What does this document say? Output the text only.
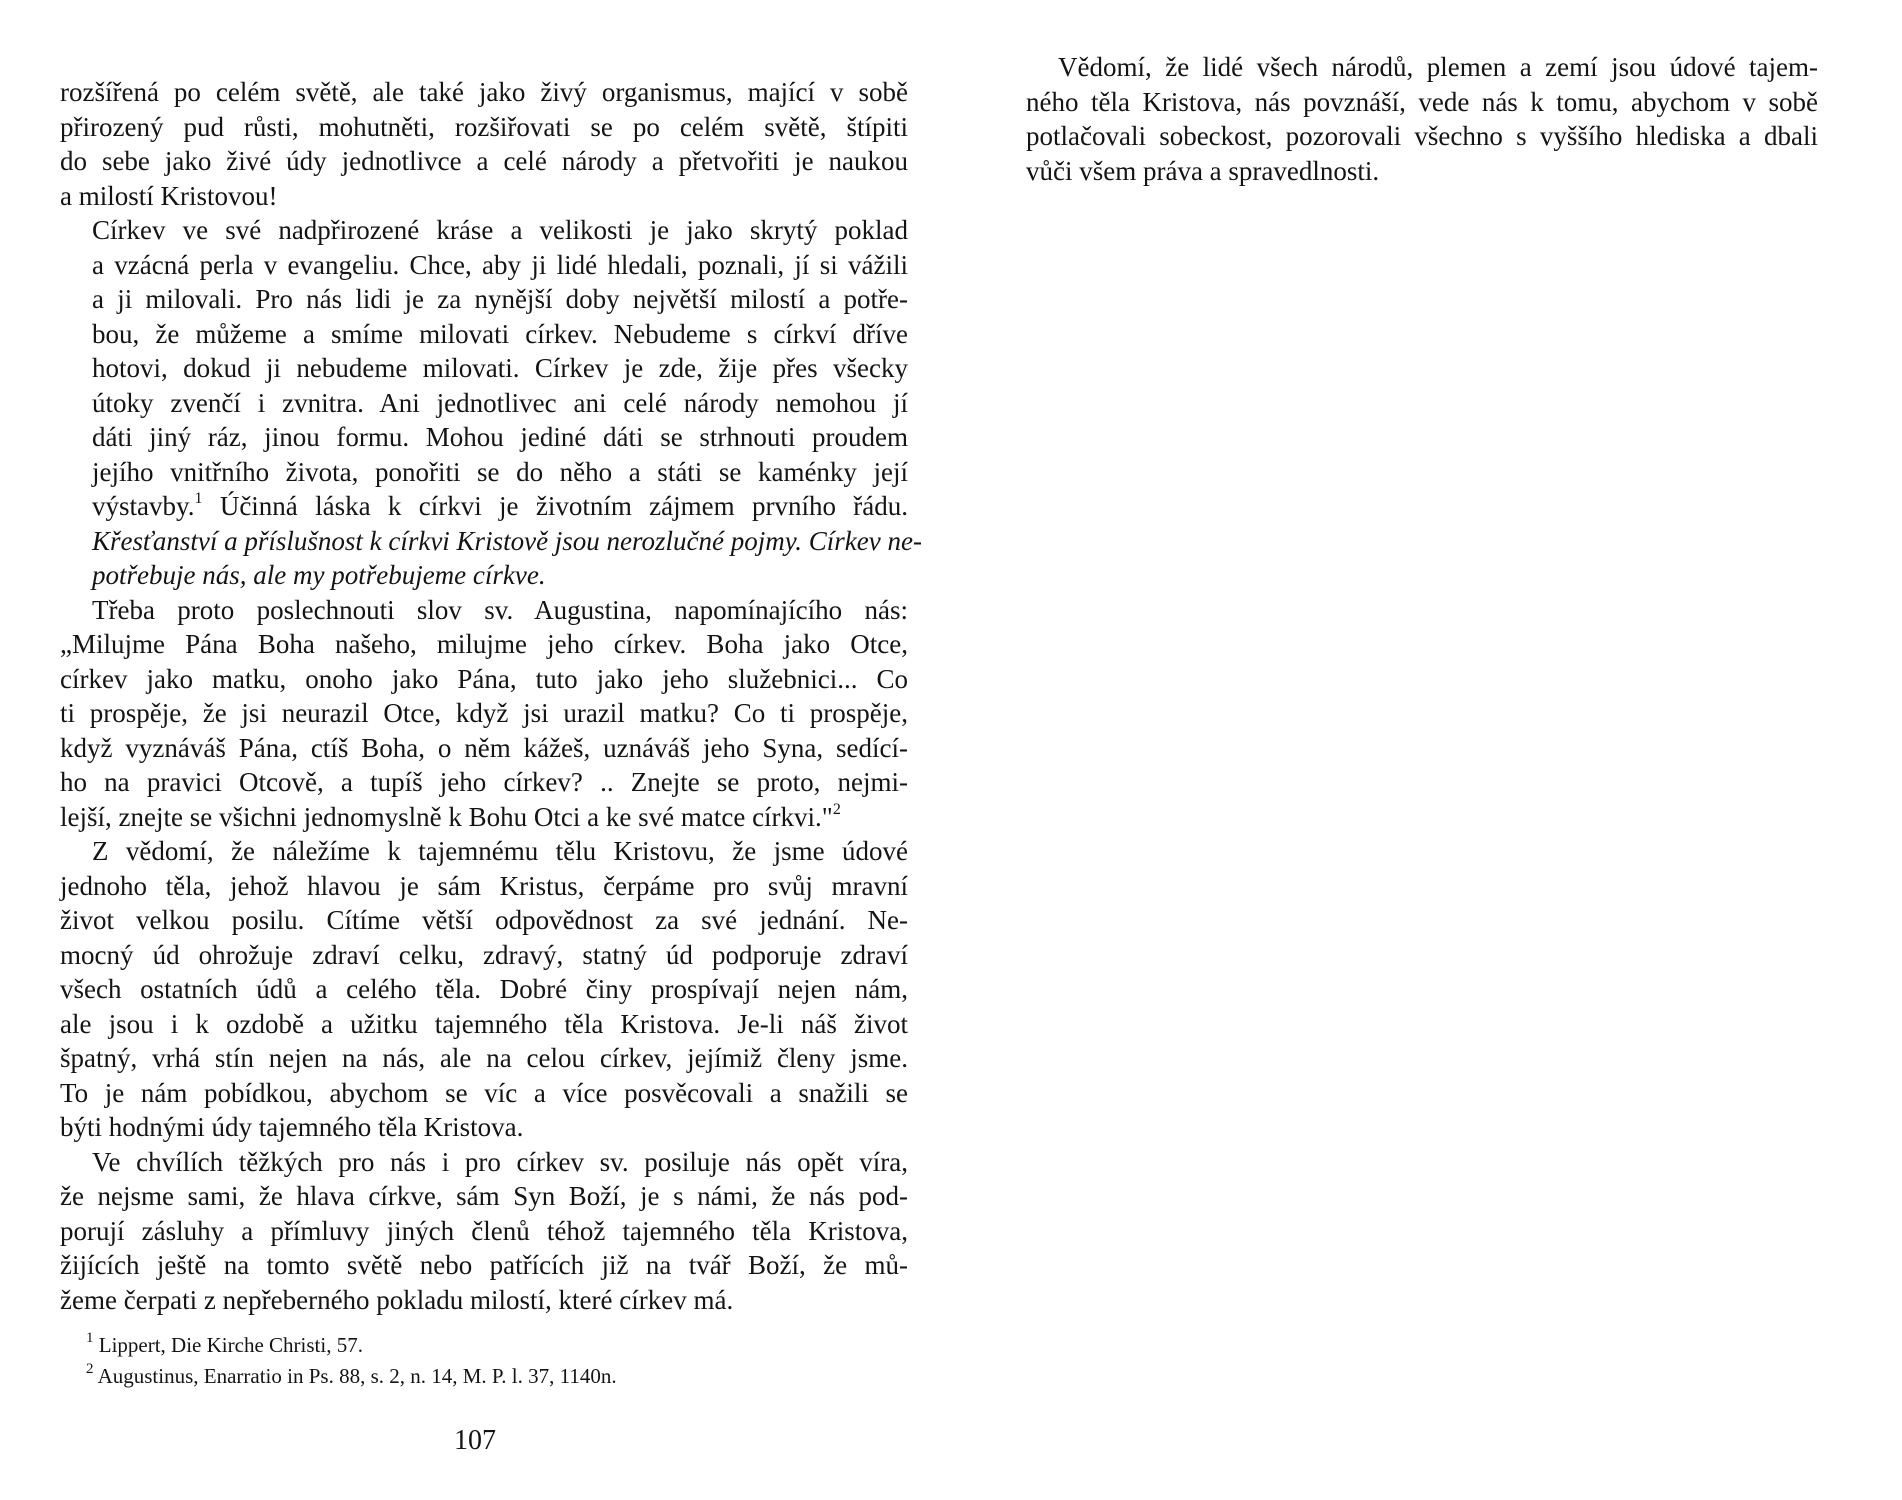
rozšířená po celém světě, ale také jako živý organismus, mající v sobě
přirozený pud růsti, mohutněti, rozšiřovati se po celém světě, štípiti
do sebe jako živé údy jednotlivce a celé národy a přetvořiti je naukou
a milostí Kristovou!

Církev ve své nadpřirozené kráse a velikosti je jako skrytý poklad
a vzácná perla v evangeliu. Chce, aby ji lidé hledali, poznali, jí si vážili
a ji milovali. Pro nás lidi je za nynější doby největší milostí a potře-
bou, že můžeme a smíme milovati církev. Nebudeme s církví dříve
hotovi, dokud ji nebudeme milovati. Církev je zde, žije přes všecky
útoky zvenčí i zvnitra. Ani jednotlivec ani celé národy nemohou jí
dáti jiný ráz, jinou formu. Mohou jediné dáti se strhnouti proudem
jejího vnitřního života, ponořiti se do něho a státi se kaménky její
výstavby.$^1$ Účinná láska k církvi je životním zájmem prvního řádu.
Křesťanství a příslušnost k církvi Kristově jsou nerozlučné pojmy. Církev ne-
potřebuje nás, ale my potřebujeme církve.

Třeba proto poslechnouti slov sv. Augustina, napomínajícího nás:
„Milujme Pána Boha našeho, milujme jeho církev. Boha jako Otce,
církev jako matku, onoho jako Pána, tuto jako jeho služebnici... Co
ti prospěje, že jsi neurazil Otce, když jsi urazil matku? Co ti prospěje,
když vyznáváš Pána, ctíš Boha, o něm kážeš, uznáváš jeho Syna, sedící-
ho na pravici Otcově, a tupíš jeho církev? .. Znejte se proto, nejmi-
lejší, znejte se všichni jednomyslně k Bohu Otci a ke své matce církvi."$^2$

Z vědomí, že náležíme k tajemnému tělu Kristovu, že jsme údové
jednoho těla, jehož hlavou je sám Kristus, čerpáme pro svůj mravní
život velkou posilu. Cítíme větší odpovědnost za své jednání. Ne-
mocný úd ohrožuje zdraví celku, zdravý, statný úd podporuje zdraví
všech ostatních údů a celého těla. Dobré činy prospívají nejen nám,
ale jsou i k ozdobě a užitku tajemného těla Kristova. Je-li náš život
špatný, vrhá stín nejen na nás, ale na celou církev, jejímiž členy jsme.
To je nám pobídkou, abychom se víc a více posvěcovali a snažili se
býti hodnými údy tajemného těla Kristova.

Ve chvílích těžkých pro nás i pro církev sv. posiluje nás opět víra,
že nejsme sami, že hlava církve, sám Syn Boží, je s námi, že nás pod-
porují zásluhy a přímluvy jiných členů téhož tajemného těla Kristova,
žijících ještě na tomto světě nebo patřících již na tvář Boží, že mů-
žeme čerpati z nepřeberného pokladu milostí, které církev má.

$^1$ Lippert, Die Kirche Christi, 57.
$^2$ Augustinus, Enarratio in Ps. 88, s. 2, n. 14, M. P. l. 37, 1140n.
107

Vědomí, že lidé všech národů, plemen a zemí jsou údové tajem-
ného těla Kristova, nás povznáší, vede nás k tomu, abychom v sobě
potlačovali sobeckost, pozorovali všechno s vyššího hlediska a dbali
vůči všem práva a spravedlnosti.
